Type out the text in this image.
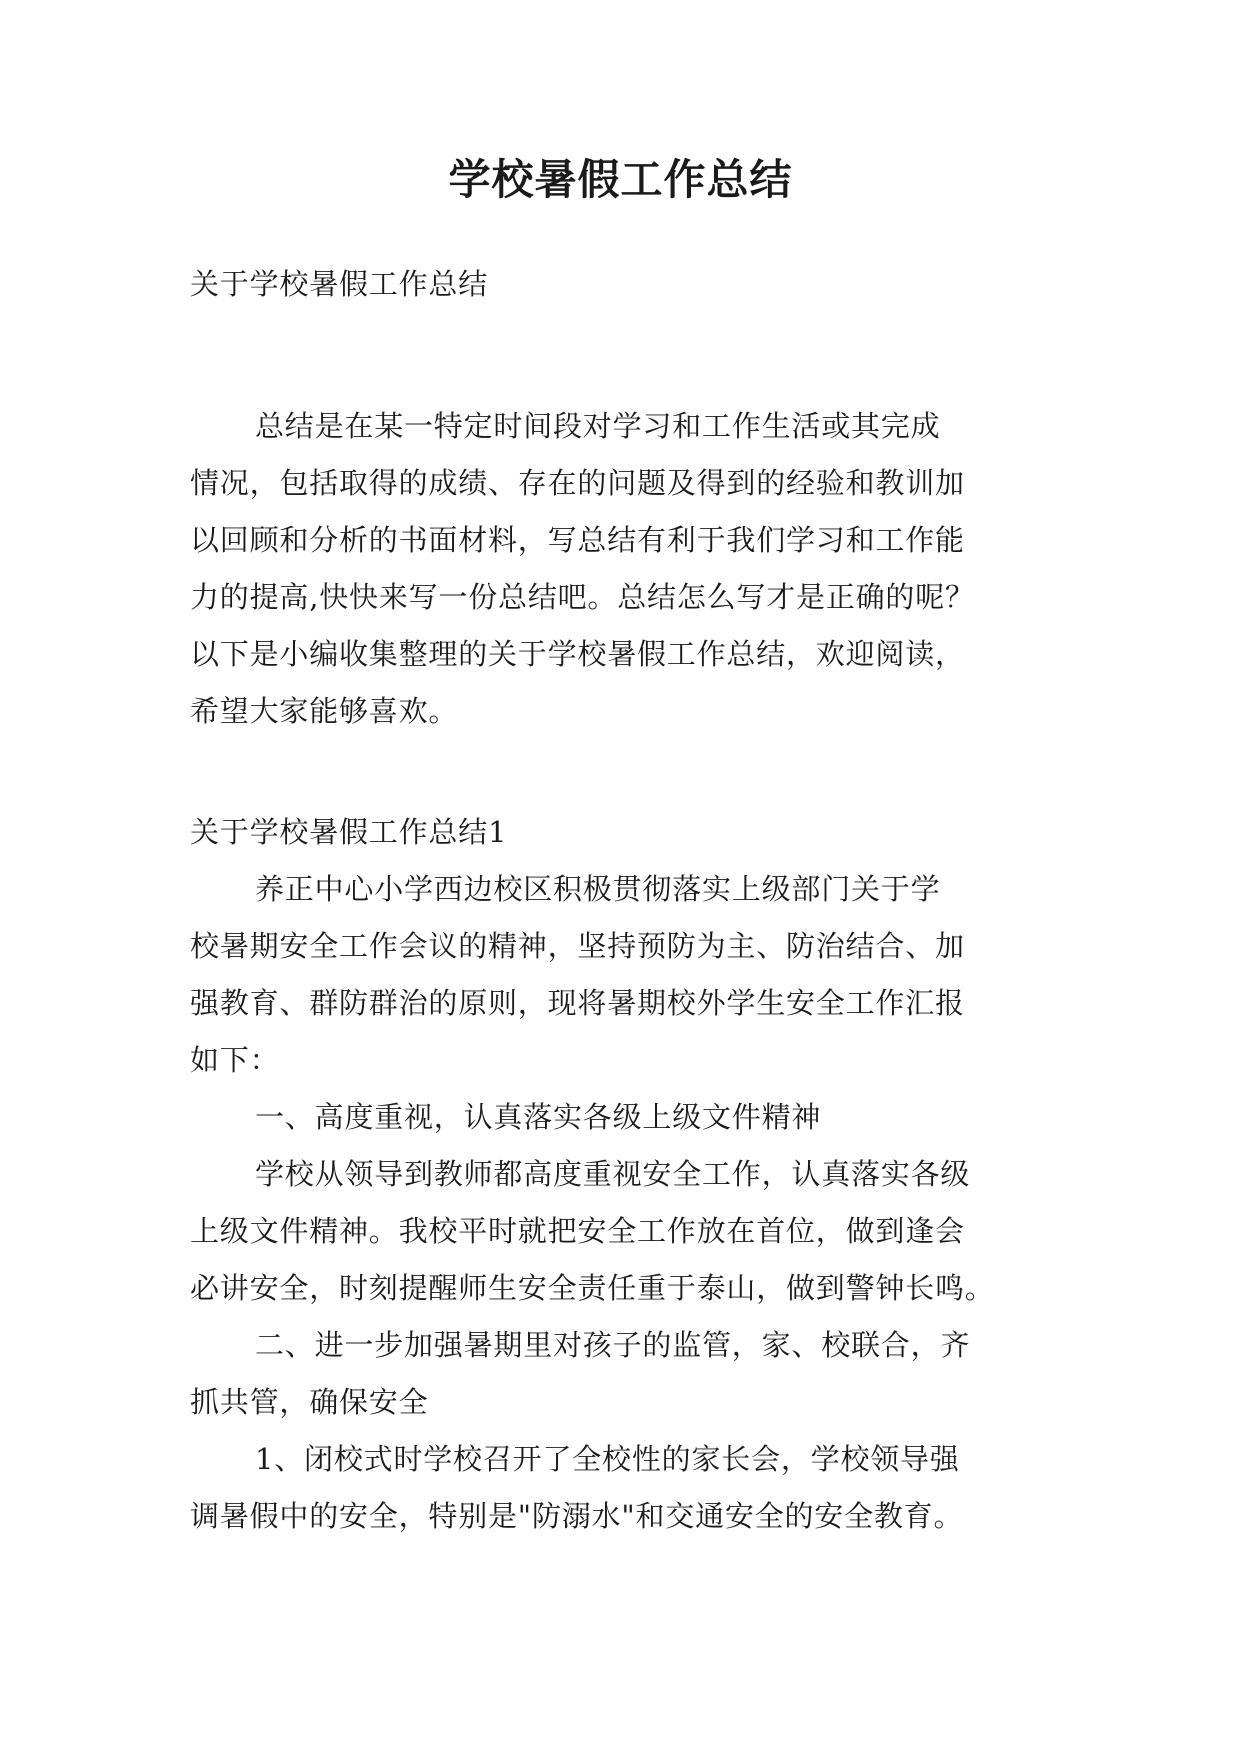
学校暑假工作总结
关于学校暑假工作总结
总结是在某一特定时间段对学习和工作生活或其完成
情况，包括取得的成绩、存在的问题及得到的经验和教训加
以回顾和分析的书面材料，写总结有利于我们学习和工作能
力的提高,快快来写一份总结吧。总结怎么写才是正确的呢？
以下是小编收集整理的关于学校暑假工作总结，欢迎阅读，
希望大家能够喜欢。
关于学校暑假工作总结1
养正中心小学西边校区积极贯彻落实上级部门关于学
校暑期安全工作会议的精神，坚持预防为主、防治结合、加
强教育、群防群治的原则，现将暑期校外学生安全工作汇报
如下：
一、高度重视，认真落实各级上级文件精神
学校从领导到教师都高度重视安全工作，认真落实各级
上级文件精神。我校平时就把安全工作放在首位，做到逢会
必讲安全，时刻提醒师生安全责任重于泰山，做到警钟长鸣。
二、进一步加强暑期里对孩子的监管，家、校联合，齐
抓共管，确保安全
1、闭校式时学校召开了全校性的家长会，学校领导强
调暑假中的安全，特别是"防溺水"和交通安全的安全教育。
